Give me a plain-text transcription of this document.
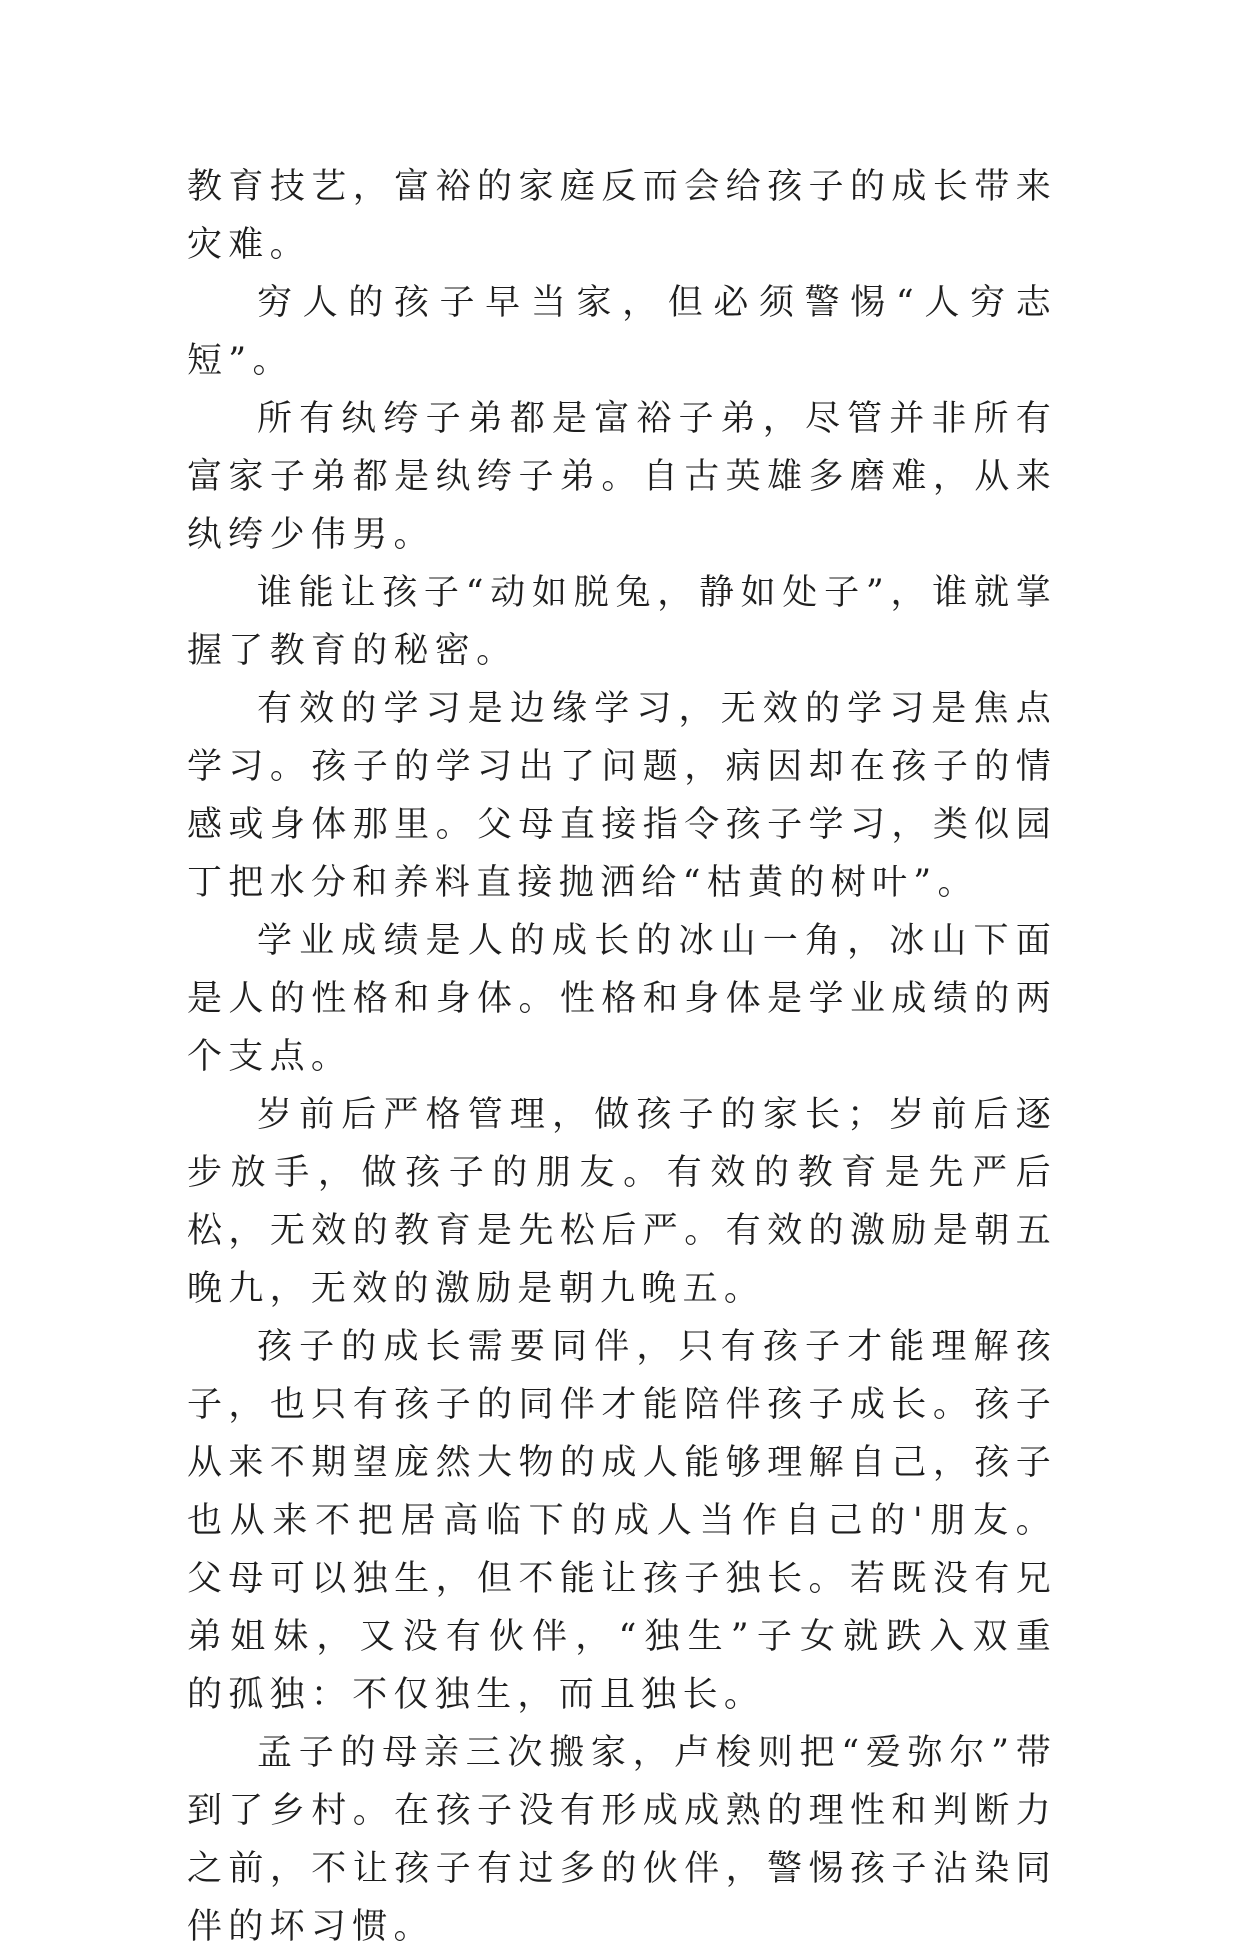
教育技艺，富裕的家庭反而会给孩子的成长带来灾难。

穷人的孩子早当家，但必须警惕“人穷志短”。

所有纨绔子弟都是富裕子弟，尽管并非所有富家子弟都是纨绔子弟。自古英雄多磨难，从来纨绔少伟男。

谁能让孩子“动如脱兔，静如处子”，谁就掌握了教育的秘密。

有效的学习是边缘学习，无效的学习是焦点学习。孩子的学习出了问题，病因却在孩子的情感或身体那里。父母直接指令孩子学习，类似园丁把水分和养料直接抛洒给“枯黄的树叶”。

学业成绩是人的成长的冰山一角，冰山下面是人的性格和身体。性格和身体是学业成绩的两个支点。

岁前后严格管理，做孩子的家长；岁前后逐步放手，做孩子的朋友。有效的教育是先严后松，无效的教育是先松后严。有效的激励是朝五晚九，无效的激励是朝九晚五。

孩子的成长需要同伴，只有孩子才能理解孩子，也只有孩子的同伴才能陪伴孩子成长。孩子从来不期望庞然大物的成人能够理解自己，孩子也从来不把居高临下的成人当作自己的'朋友。父母可以独生，但不能让孩子独长。若既没有兄弟姐妹，又没有伙伴，“独生”子女就跌入双重的孤独：不仅独生，而且独长。

孟子的母亲三次搬家，卢梭则把“爱弥尔”带到了乡村。在孩子没有形成成熟的理性和判断力之前，不让孩子有过多的伙伴，警惕孩子沾染同伴的坏习惯。
